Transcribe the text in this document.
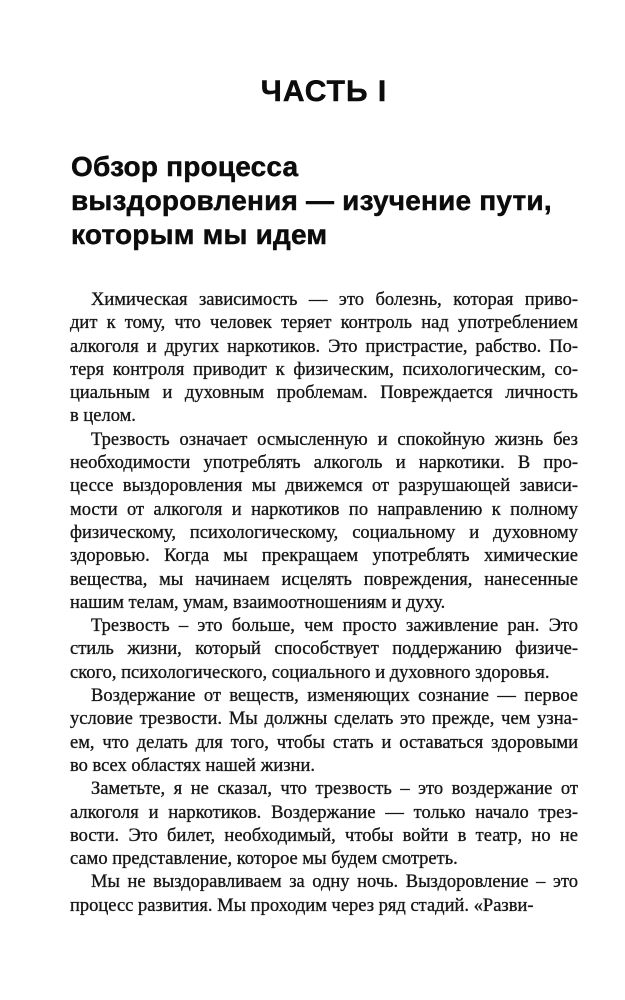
ЧАСТЬ I
Обзор процесса
выздоровления — изучение пути,
которым мы идем
Химическая зависимость — это болезнь, которая приво-
дит к тому, что человек теряет контроль над употреблением
алкоголя и других наркотиков. Это пристрастие, рабство. По-
теря контроля приводит к физическим, психологическим, со-
циальным и духовным проблемам. Повреждается личность
в целом.
Трезвость означает осмысленную и спокойную жизнь без
необходимости употреблять алкоголь и наркотики. В про-
цессе выздоровления мы движемся от разрушающей зависи-
мости от алкоголя и наркотиков по направлению к полному
физическому, психологическому, социальному и духовному
здоровью. Когда мы прекращаем употреблять химические
вещества, мы начинаем исцелять повреждения, нанесенные
нашим телам, умам, взаимоотношениям и духу.
Трезвость – это больше, чем просто заживление ран. Это
стиль жизни, который способствует поддержанию физиче-
ского, психологического, социального и духовного здоровья.
Воздержание от веществ, изменяющих сознание — первое
условие трезвости. Мы должны сделать это прежде, чем узна-
ем, что делать для того, чтобы стать и оставаться здоровыми
во всех областях нашей жизни.
Заметьте, я не сказал, что трезвость – это воздержание от
алкоголя и наркотиков. Воздержание — только начало трез-
вости. Это билет, необходимый, чтобы войти в театр, но не
само представление, которое мы будем смотреть.
Мы не выздоравливаем за одну ночь. Выздоровление – это
процесс развития. Мы проходим через ряд стадий. «Разви-
